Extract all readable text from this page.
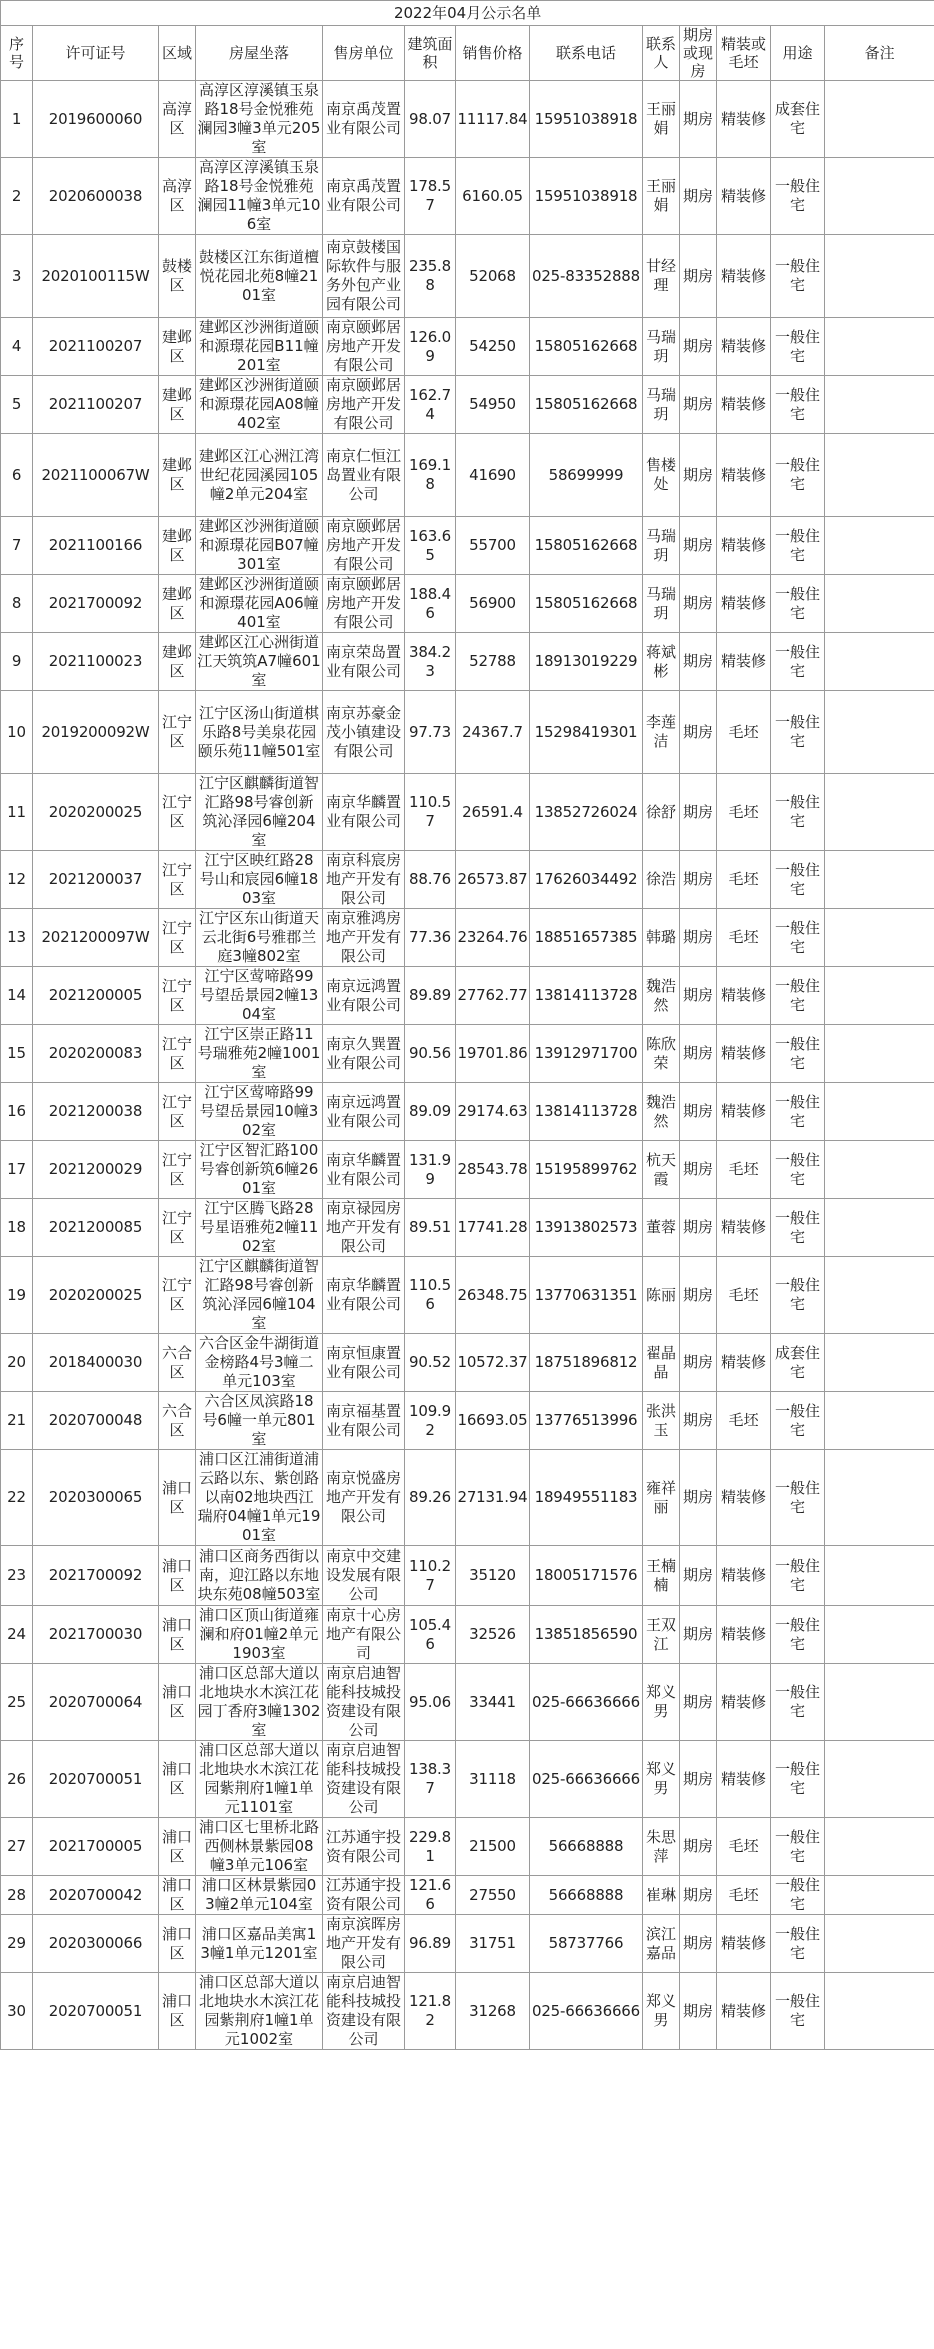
2022年04月公示名单												
序号	许可证号	区域	房屋坐落	售房单位	建筑面积	销售价格	联系电话	联系人	期房或现房	精装或毛坯	用途	备注
1	2019600060	高淳区	高淳区淳溪镇玉泉路18号金悦雅苑澜园3幢3单元205室	南京禹茂置业有限公司	98.07	11117.84	15951038918	王丽娟	期房	精装修	成套住宅	
2	2020600038	高淳区	高淳区淳溪镇玉泉路18号金悦雅苑 澜园11幢3单元106室	南京禹茂置业有限公司	178.57	6160.05	15951038918	王丽娟	期房	精装修	一般住宅	
3	2020100115W	鼓楼区	鼓楼区江东街道檀悦花园北苑8幢2101室	南京鼓楼国际软件与服务外包产业园有限公司	235.88	52068	025-83352888	甘经理	期房	精装修	一般住宅	
4	2021100207	建邺区	建邺区沙洲街道颐和源璟花园B11幢201室	南京颐邺居房地产开发有限公司	126.09	54250	15805162668	马瑞玥	期房	精装修	一般住宅	
5	2021100207	建邺区	建邺区沙洲街道颐和源璟花园A08幢402室	南京颐邺居房地产开发有限公司	162.74	54950	15805162668	马瑞玥	期房	精装修	一般住宅	
6	2021100067W	建邺区	建邺区江心洲江湾世纪花园溪园105幢2单元204室	南京仁恒江岛置业有限公司	169.18	41690	58699999	售楼处	期房	精装修	一般住宅	
7	2021100166	建邺区	建邺区沙洲街道颐和源璟花园B07幢301室	南京颐邺居房地产开发有限公司	163.65	55700	15805162668	马瑞玥	期房	精装修	一般住宅	
8	2021700092	建邺区	建邺区沙洲街道颐和源璟花园A06幢401室	南京颐邺居房地产开发有限公司	188.46	56900	15805162668	马瑞玥	期房	精装修	一般住宅	
9	2021100023	建邺区	建邺区江心洲街道江天筑筑A7幢601室	南京荣岛置业有限公司	384.23	52788	18913019229	蒋斌彬	期房	精装修	一般住宅	
10	2019200092W	江宁区	江宁区汤山街道棋乐路8号美泉花园颐乐苑11幢501室	南京苏豪金茂小镇建设有限公司	97.73	24367.7	15298419301	李莲洁	期房	毛坯	一般住宅	
11	2020200025	江宁区	江宁区麒麟街道智汇路98号睿创新筑沁泽园6幢204室	南京华麟置业有限公司	110.57	26591.4	13852726024	徐舒	期房	毛坯	一般住宅	
12	2021200037	江宁区	江宁区映红路28号山和宸园6幢1803室	南京科宸房地产开发有限公司	88.76	26573.87	17626034492	徐浩	期房	毛坯	一般住宅	
13	2021200097W	江宁区	江宁区东山街道天云北街6号雅郡兰庭3幢802室	南京雅鸿房地产开发有限公司	77.36	23264.76	18851657385	韩璐	期房	毛坯	一般住宅	
14	2021200005	江宁区	江宁区莺啼路99号望岳景园2幢1304室	南京远鸿置业有限公司	89.89	27762.77	13814113728	魏浩然	期房	精装修	一般住宅	
15	2020200083	江宁区	江宁区崇正路11号瑞雅苑2幢1001室	南京久巽置业有限公司	90.56	19701.86	13912971700	陈欣荣	期房	精装修	一般住宅	
16	2021200038	江宁区	江宁区莺啼路99号望岳景园10幢302室	南京远鸿置业有限公司	89.09	29174.63	13814113728	魏浩然	期房	精装修	一般住宅	
17	2021200029	江宁区	江宁区智汇路100号睿创新筑6幢2601室	南京华麟置业有限公司	131.99	28543.78	15195899762	杭天霞	期房	毛坯	一般住宅	
18	2021200085	江宁区	江宁区腾飞路28号星语雅苑2幢1102室	南京禄园房地产开发有限公司	89.51	17741.28	13913802573	董蓉	期房	精装修	一般住宅	
19	2020200025	江宁区	江宁区麒麟街道智汇路98号睿创新筑沁泽园6幢104室	南京华麟置业有限公司	110.56	26348.75	13770631351	陈丽	期房	毛坯	一般住宅	
20	2018400030	六合区	六合区金牛湖街道金榜路4号3幢二单元103室	南京恒康置业有限公司	90.52	10572.37	18751896812	翟晶晶	期房	精装修	成套住宅	
21	2020700048	六合区	六合区凤滨路18号6幢一单元801室	南京福基置业有限公司	109.92	16693.05	13776513996	张洪玉	期房	毛坯	一般住宅	
22	2020300065	浦口区	浦口区江浦街道浦云路以东、紫创路以南02地块西江瑞府04幢1单元1901室	南京悦盛房地产开发有限公司	89.26	27131.94	18949551183	雍祥丽	期房	精装修	一般住宅	
23	2021700092	浦口区	浦口区商务西街以南，迎江路以东地块东苑08幢503室	南京中交建设发展有限公司	110.27	35120	18005171576	王楠楠	期房	精装修	一般住宅	
24	2021700030	浦口区	浦口区顶山街道雍澜和府01幢2单元1903室	南京十心房地产有限公司	105.46	32526	13851856590	王双江	期房	精装修	一般住宅	
25	2020700064	浦口区	浦口区总部大道以北地块水木滨江花园丁香府3幢1302室	南京启迪智能科技城投资建设有限公司	95.06	33441	025-66636666	郑义男	期房	精装修	一般住宅	
26	2020700051	浦口区	浦口区总部大道以北地块水木滨江花园紫荆府1幢1单元1101室	南京启迪智能科技城投资建设有限公司	138.37	31118	025-66636666	郑义男	期房	精装修	一般住宅	
27	2021700005	浦口区	浦口区七里桥北路西侧林景紫园08幢3单元106室	江苏通宇投资有限公司	229.81	21500	56668888	朱思萍	期房	毛坯	一般住宅	
28	2020700042	浦口区	浦口区林景紫园03幢2单元104室	江苏通宇投资有限公司	121.66	27550	56668888	崔琳	期房	毛坯	一般住宅	
29	2020300066	浦口区	浦口区嘉品美寓13幢1单元1201室	南京滨晖房地产开发有限公司	96.89	31751	58737766	滨江嘉品	期房	精装修	一般住宅	
30	2020700051	浦口区	浦口区总部大道以北地块水木滨江花园紫荆府1幢1单元1002室	南京启迪智能科技城投资建设有限公司	121.82	31268	025-66636666	郑义男	期房	精装修	一般住宅	
